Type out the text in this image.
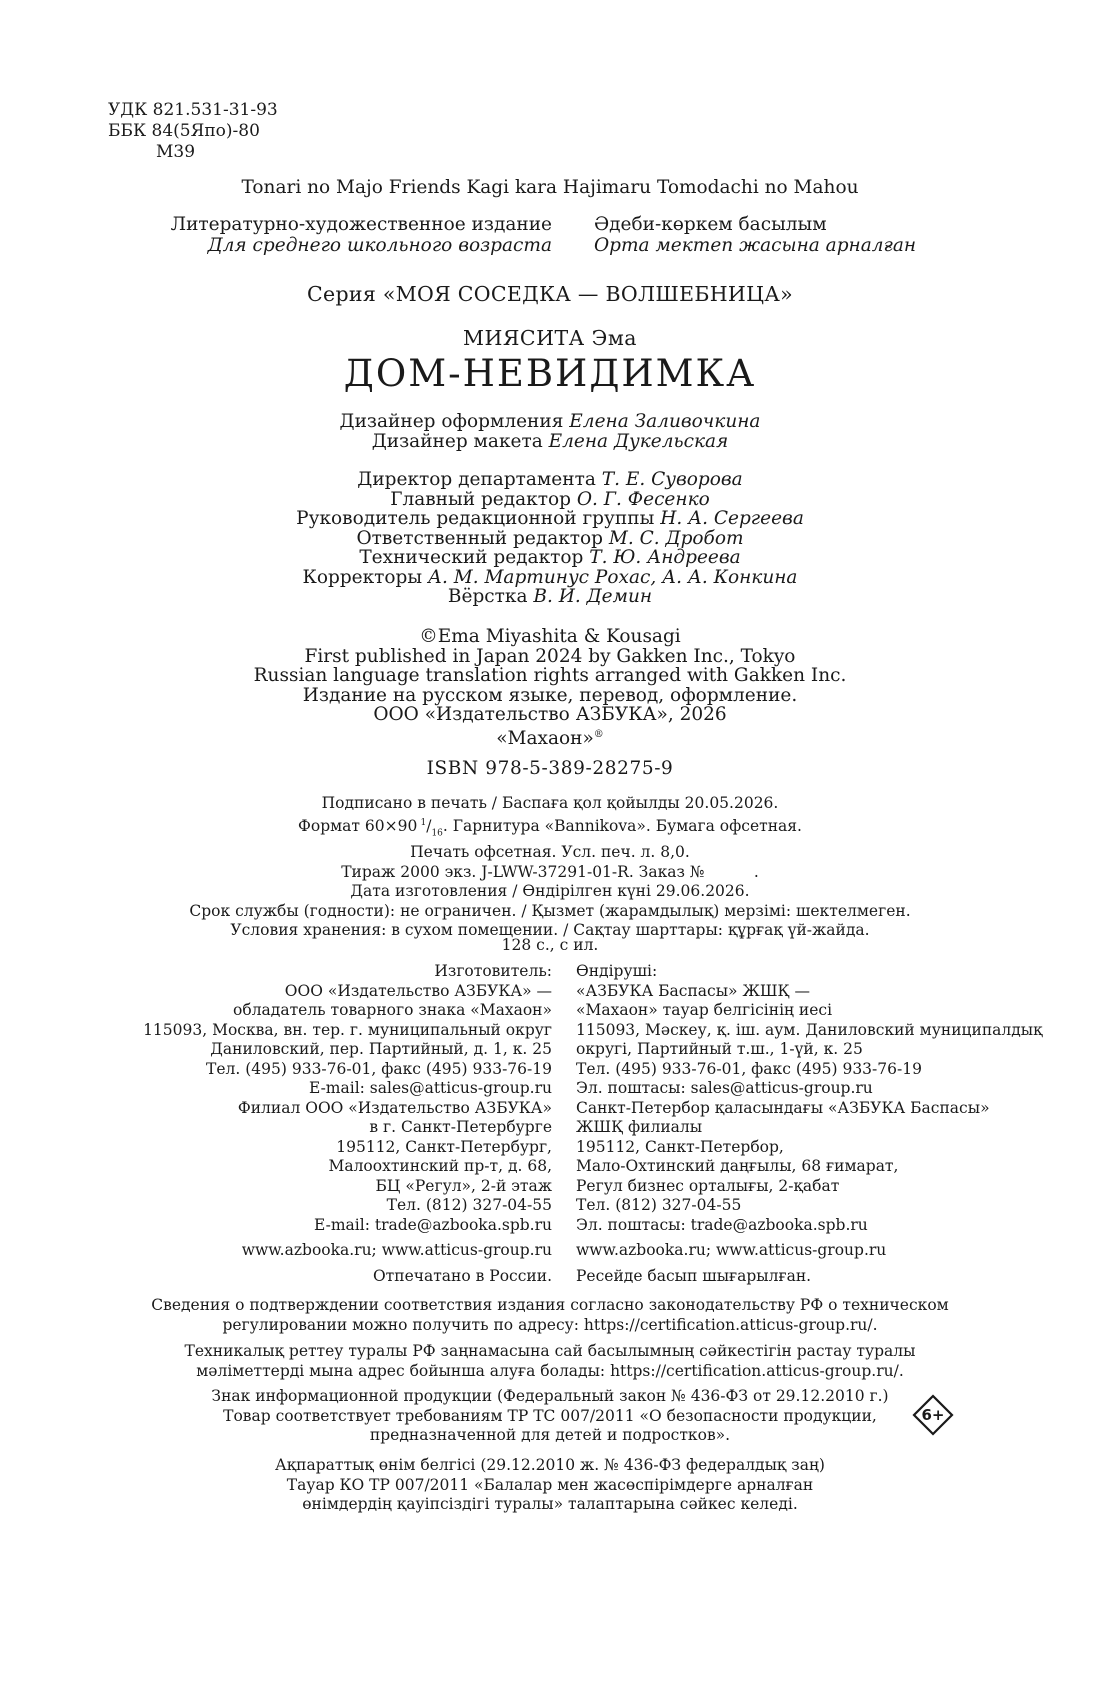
УДК 821.531-31-93
ББК 84(5Япо)-80
М39
Tonari no Majo Friends Kagi kara Hajimaru Tomodachi no Mahou
Литературно-художественное издание
Для среднего школьного возраста
Әдеби-көркем басылым
Орта мектеп жасына арналған
Серия «МОЯ СОСЕДКА — ВОЛШЕБНИЦА»
МИЯСИТА Эма
ДОМ-НЕВИДИМКА
Дизайнер оформления Елена Заливочкина
Дизайнер макета Елена Дукельская
Директор департамента Т. Е. Суворова
Главный редактор О. Г. Фесенко
Руководитель редакционной группы Н. А. Сергеева
Ответственный редактор М. С. Дробот
Технический редактор Т. Ю. Андреева
Корректоры А. М. Мартинус Рохас, А. А. Конкина
Вёрстка В. И. Демин
©Ema Miyashita & Kousagi
First published in Japan 2024 by Gakken Inc., Tokyo
Russian language translation rights arranged with Gakken Inc.
Издание на русском языке, перевод, оформление.
ООО «Издательство АЗБУКА», 2026
«Махаон»®
ISBN 978-5-389-28275-9
Подписано в печать / Баспаға қол қойылды 20.05.2026.
Формат 60×90  $^1/_{16}$. Гарнитура «Bannikova». Бумага офсетная.
Печать офсетная. Усл. печ. л. 8,0.
Тираж 2000 экз. J-LWW-37291-01-R. Заказ №          .
Дата изготовления / Өндірілген күні 29.06.2026.
Срок службы (годности): не ограничен. / Қызмет (жарамдылық) мерзімі: шектелмеген.
Условия хранения: в сухом помещении. / Сақтау шарттары: құрғақ үй-жайда.
128 с., с ил.
Изготовитель:
ООО «Издательство АЗБУКА» —
обладатель товарного знака «Махаон»
115093, Москва, вн. тер. г. муниципальный округ
Даниловский, пер. Партийный, д. 1, к. 25
Тел. (495) 933-76-01, факс (495) 933-76-19
E-mail: sales@atticus-group.ru
Филиал ООО «Издательство АЗБУКА»
в г. Санкт-Петербурге
195112, Санкт-Петербург,
Малоохтинский пр-т, д. 68,
БЦ «Регул», 2-й этаж
Тел. (812) 327-04-55
E-mail: trade@azbooka.spb.ru
www.azbooka.ru; www.atticus-group.ru
Отпечатано в России.
Өндіруші:
«АЗБУКА Баспасы» ЖШҚ —
«Махаон» тауар белгісінің иесі
115093, Мәскеу, қ. іш. аум. Даниловский муниципалдық
округі, Партийный т.ш., 1-үй, к. 25
Тел. (495) 933-76-01, факс (495) 933-76-19
Эл. поштасы: sales@atticus-group.ru
Санкт-Петербор қаласындағы «АЗБУКА Баспасы»
ЖШҚ филиалы
195112, Санкт-Петербор,
Мало-Охтинский даңғылы, 68 ғимарат,
Регул бизнес орталығы, 2-қабат
Тел. (812) 327-04-55
Эл. поштасы: trade@azbooka.spb.ru
www.azbooka.ru; www.atticus-group.ru
Ресейде басып шығарылған.
Сведения о подтверждении соответствия издания согласно законодательству РФ о техническом
регулировании можно получить по адресу: https://certification.atticus-group.ru/.
Техникалық реттеу туралы РФ заңнамасына сай басылымның сәйкестігін растау туралы
мәліметтерді мына адрес бойынша алуға болады: https://certification.atticus-group.ru/.
Знак информационной продукции (Федеральный закон № 436-ФЗ от 29.12.2010 г.)
Товар соответствует требованиям ТР ТС 007/2011 «О безопасности продукции,
предназначенной для детей и подростков».
Ақпараттық өнім белгісі (29.12.2010 ж. № 436-ФЗ федералдық заң)
Тауар КО ТР 007/2011 «Балалар мен жасөспірімдерге арналған
өнімдердің қауіпсіздігі туралы» талаптарына сәйкес келеді.
6+
